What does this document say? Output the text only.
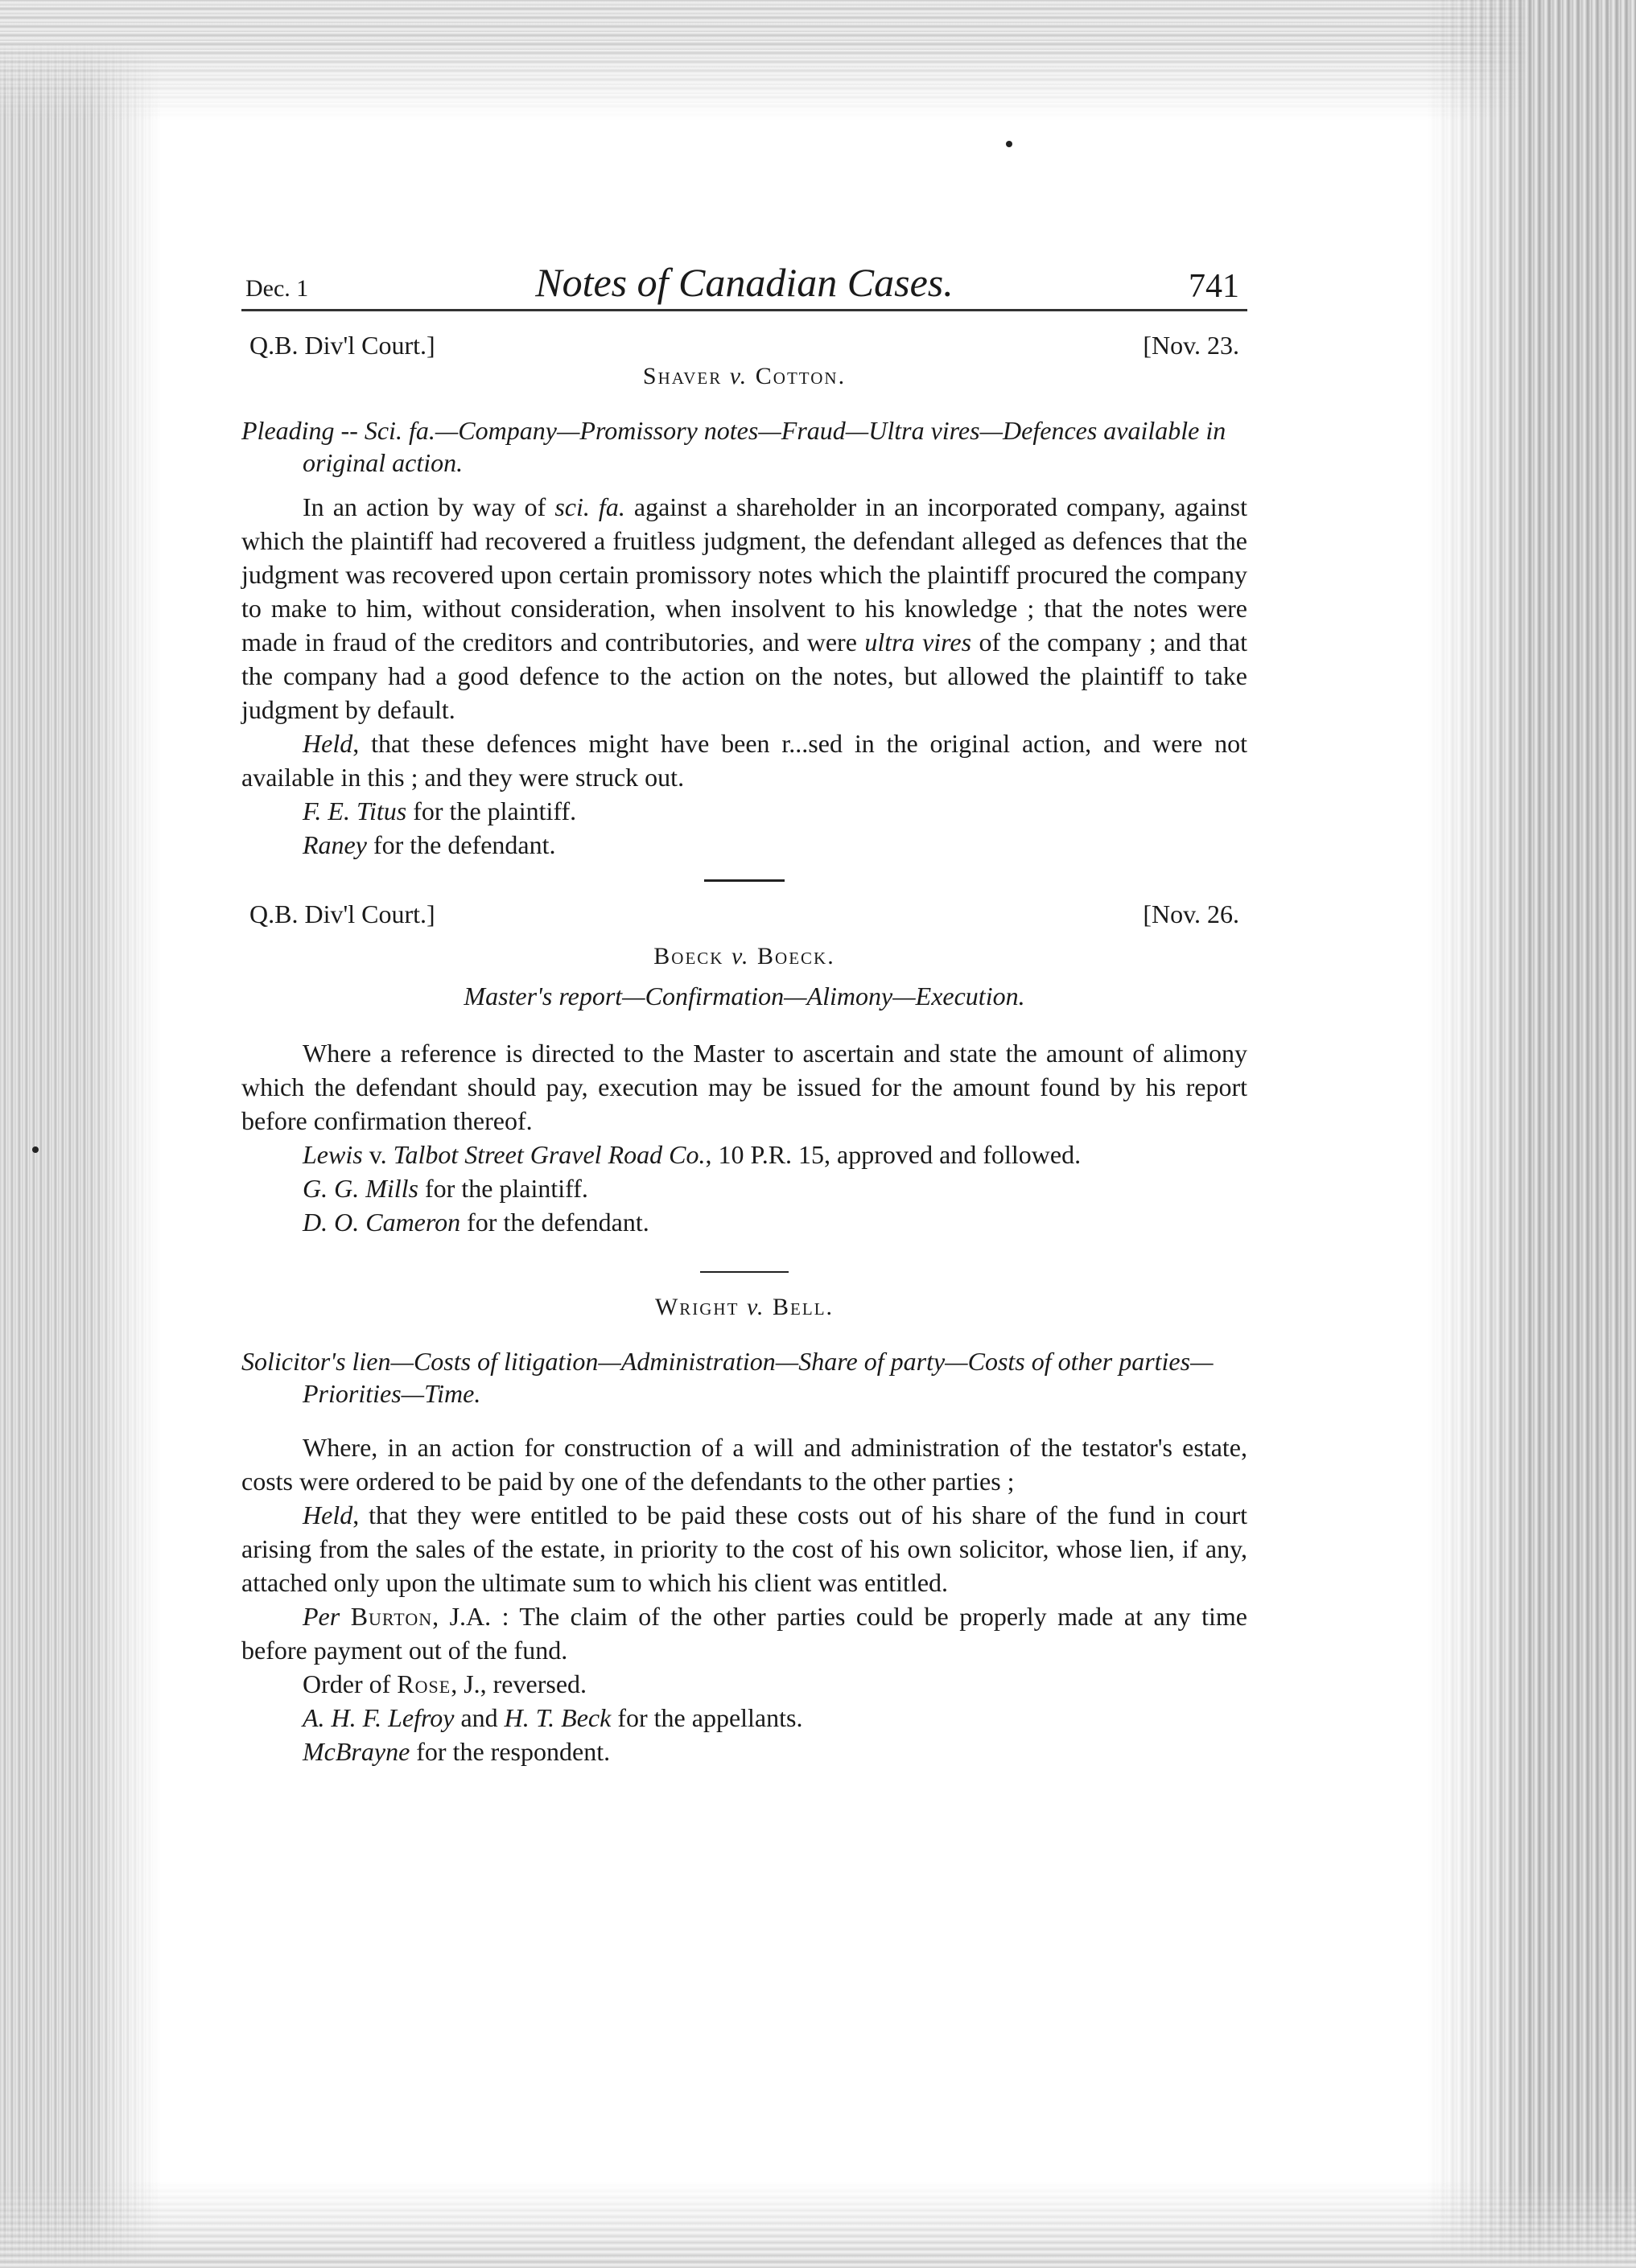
Dec. 1	Notes of Canadian Cases.	741
Q.B. Div'l Court.]	[Nov. 23.
Shaver v. Cotton.

Pleading -- Sci. fa.—Company—Promissory notes—Fraud—Ultra vires—Defences available in original action.

In an action by way of sci. fa. against a shareholder in an incorporated company, against which the plaintiff had recovered a fruitless judgment, the defendant alleged as defences that the judgment was recovered upon certain promissory notes which the plaintiff procured the company to make to him, without consideration, when insolvent to his knowledge ; that the notes were made in fraud of the creditors and contributories, and were ultra vires of the company ; and that the company had a good defence to the action on the notes, but allowed the plaintiff to take judgment by default.

Held, that these defences might have been r...sed in the original action, and were not available in this ; and they were struck out.

F. E. Titus for the plaintiff.

Raney for the defendant.

Q.B. Div'l Court.]	[Nov. 26.
Boeck v. Boeck.

Master's report—Confirmation—Alimony—Execution.

Where a reference is directed to the Master to ascertain and state the amount of alimony which the defendant should pay, execution may be issued for the amount found by his report before confirmation thereof.

Lewis v. Talbot Street Gravel Road Co., 10 P.R. 15, approved and followed.

G. G. Mills for the plaintiff.

D. O. Cameron for the defendant.

Wright v. Bell.

Solicitor's lien—Costs of litigation—Administration—Share of party—Costs of other parties—Priorities—Time.

Where, in an action for construction of a will and administration of the testator's estate, costs were ordered to be paid by one of the defendants to the other parties ;

Held, that they were entitled to be paid these costs out of his share of the fund in court arising from the sales of the estate, in priority to the cost of his own solicitor, whose lien, if any, attached only upon the ultimate sum to which his client was entitled.

Per Burton, J.A. : The claim of the other parties could be properly made at any time before payment out of the fund.

Order of Rose, J., reversed.

A. H. F. Lefroy and H. T. Beck for the appellants.

McBrayne for the respondent.
